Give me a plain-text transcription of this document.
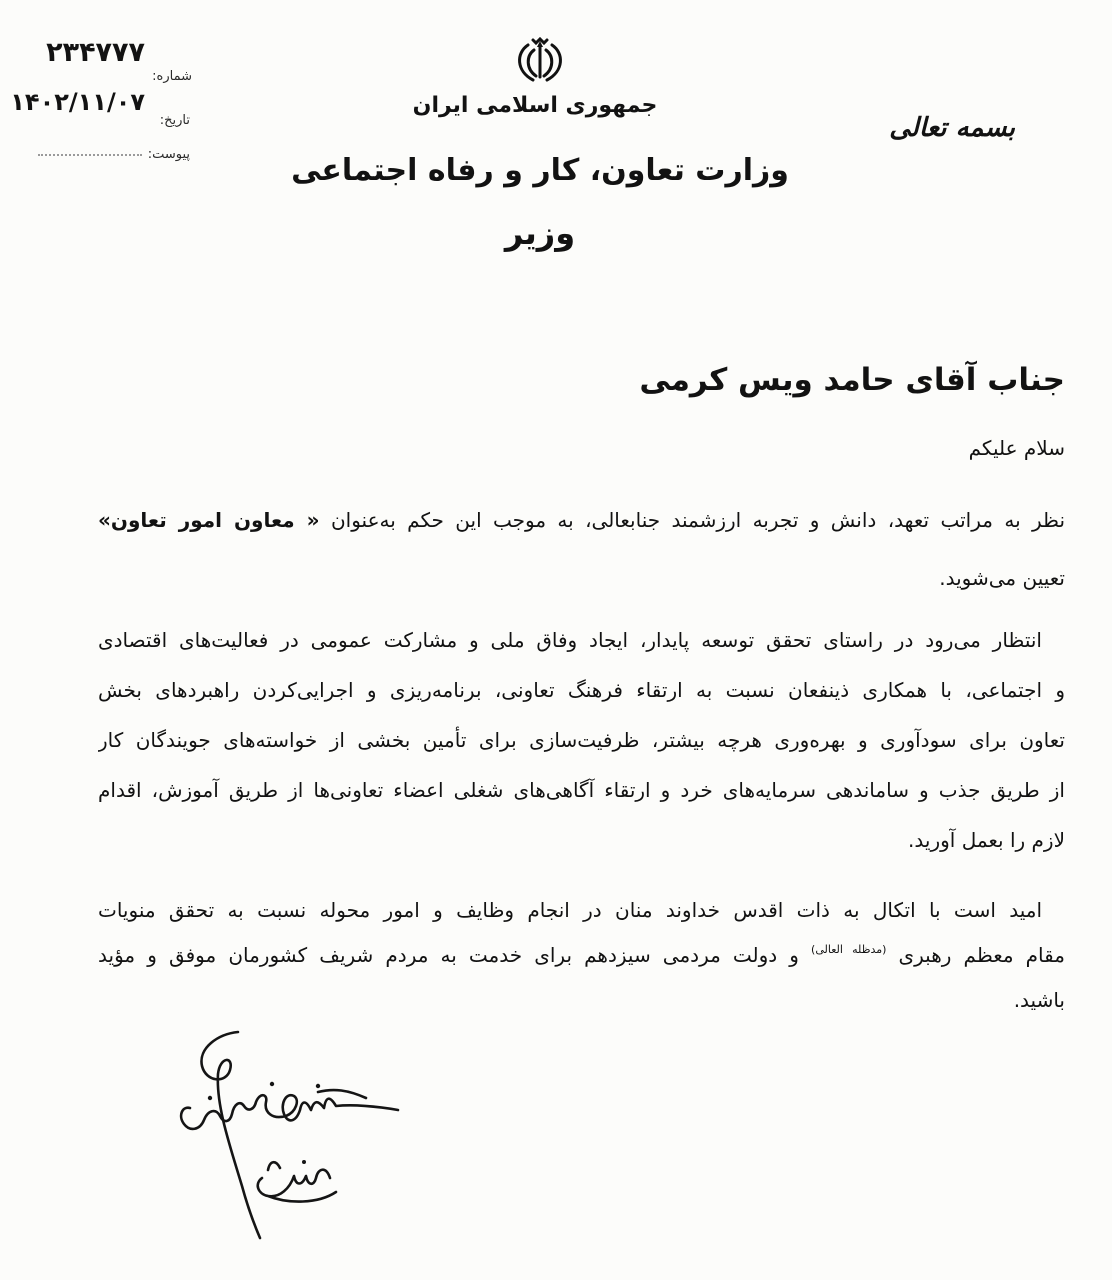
۲۳۴۷۷۷
شماره:
۱۴۰۲/۱۱/۰۷
تاریخ:
پیوست:
جمهوری اسلامی ایران
وزارت تعاون، کار و رفاه اجتماعی
وزیر
بسمه تعالی
جناب آقای حامد ویس کرمی
سلام علیکم
نظر به مراتب تعهد، دانش و تجربه ارزشمند جنابعالی، به موجب این حکم به‌عنوان « معاون امور تعاون»
تعیین می‌شوید.
انتظار می‌رود در راستای تحقق توسعه پایدار، ایجاد وفاق ملی و مشارکت عمومی در فعالیت‌های اقتصادی
و اجتماعی، با همکاری ذینفعان نسبت به ارتقاء فرهنگ تعاونی، برنامه‌ریزی و اجرایی‌کردن راهبردهای بخش
تعاون برای سودآوری و بهره‌وری هرچه بیشتر، ظرفیت‌سازی برای تأمین بخشی از خواسته‌های جویندگان کار
از طریق جذب و ساماندهی سرمایه‌های خرد و ارتقاء آگاهی‌های شغلی اعضاء تعاونی‌ها از طریق آموزش، اقدام
لازم را بعمل آورید.
امید است با اتکال به ذات اقدس خداوند منان در انجام وظایف و امور محوله نسبت به تحقق منویات
مقام معظم رهبری $^{(مدظله العالی)}$ و دولت مردمی سیزدهم برای خدمت به مردم شریف کشورمان موفق و مؤید
باشید.
